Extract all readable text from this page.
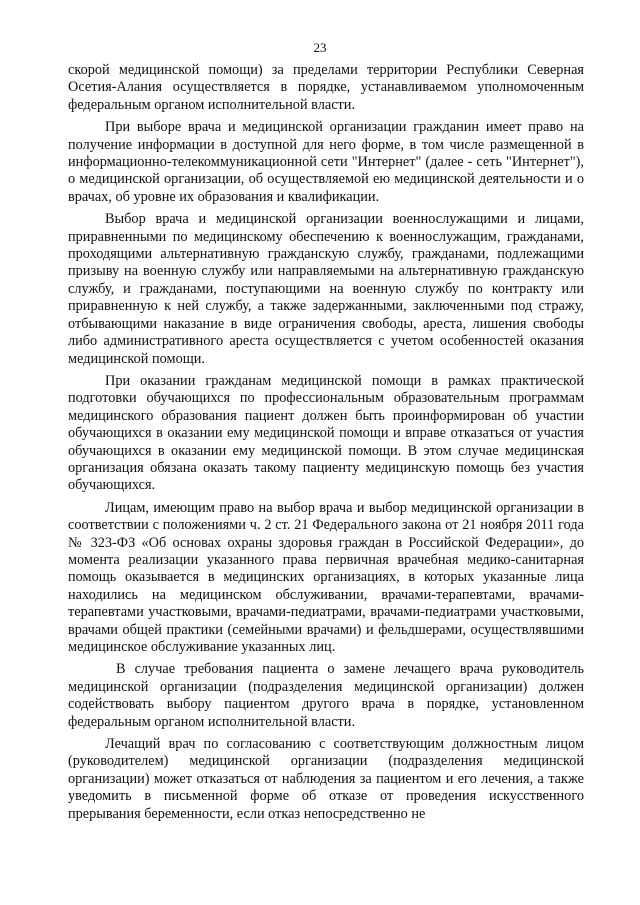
23

скорой медицинской помощи) за пределами территории Республики Северная Осетия-Алания осуществляется в порядке, устанавливаемом уполномоченным федеральным органом исполнительной власти.

При выборе врача и медицинской организации гражданин имеет право на получение информации в доступной для него форме, в том числе размещенной в информационно-телекоммуникационной сети "Интернет" (далее - сеть "Интернет"), о медицинской организации, об осуществляемой ею медицинской деятельности и о врачах, об уровне их образования и квалификации.

Выбор врача и медицинской организации военнослужащими и лицами, приравненными по медицинскому обеспечению к военнослужащим, гражданами, проходящими альтернативную гражданскую службу, гражданами, подлежащими призыву на военную службу или направляемыми на альтернативную гражданскую службу, и гражданами, поступающими на военную службу по контракту или приравненную к ней службу, а также задержанными, заключенными под стражу, отбывающими наказание в виде ограничения свободы, ареста, лишения свободы либо административного ареста осуществляется с учетом особенностей оказания медицинской помощи.

При оказании гражданам медицинской помощи в рамках практической подготовки обучающихся по профессиональным образовательным программам медицинского образования пациент должен быть проинформирован об участии обучающихся в оказании ему медицинской помощи и вправе отказаться от участия обучающихся в оказании ему медицинской помощи. В этом случае медицинская организация обязана оказать такому пациенту медицинскую помощь без участия обучающихся.

Лицам, имеющим право на выбор врача и выбор медицинской организации в соответствии с положениями ч. 2 ст. 21 Федерального закона от 21 ноября 2011 года № 323-ФЗ «Об основах охраны здоровья граждан в Российской Федерации», до момента реализации указанного права первичная врачебная медико-санитарная помощь оказывается в медицинских организациях, в которых указанные лица находились на медицинском обслуживании, врачами-терапевтами, врачами-терапевтами участковыми, врачами-педиатрами, врачами-педиатрами участковыми, врачами общей практики (семейными врачами) и фельдшерами, осуществлявшими медицинское обслуживание указанных лиц.

В случае требования пациента о замене лечащего врача руководитель медицинской организации (подразделения медицинской организации) должен содействовать выбору пациентом другого врача в порядке, установленном федеральным органом исполнительной власти.

Лечащий врач по согласованию с соответствующим должностным лицом (руководителем) медицинской организации (подразделения медицинской организации) может отказаться от наблюдения за пациентом и его лечения, а также уведомить в письменной форме об отказе от проведения искусственного прерывания беременности, если отказ непосредственно не
